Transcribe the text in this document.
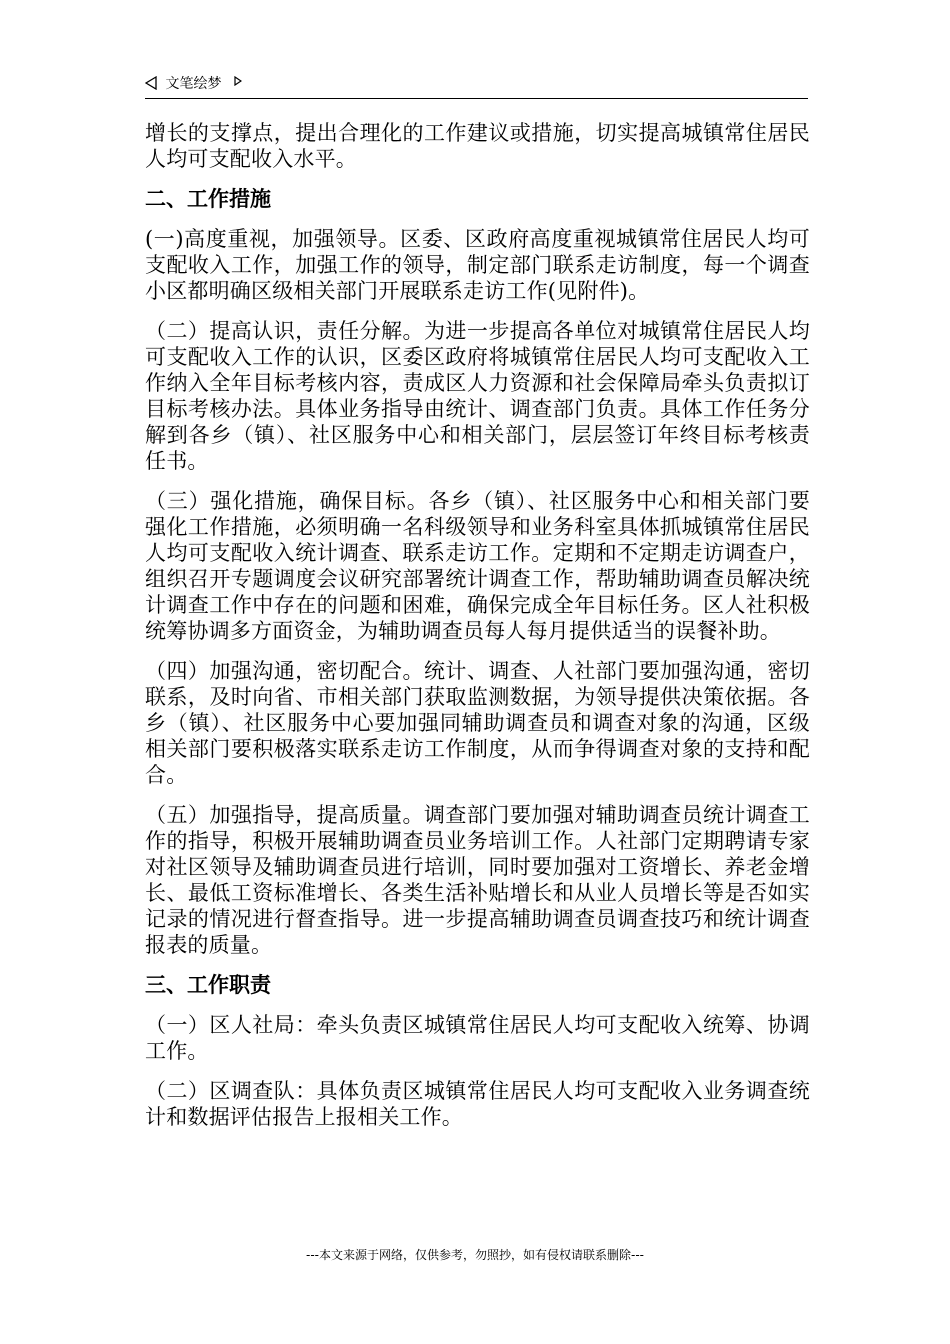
文笔绘梦

增长的支撑点，提出合理化的工作建议或措施，切实提高城镇常住居民人均可支配收入水平。

二、工作措施

(一)高度重视，加强领导。区委、区政府高度重视城镇常住居民人均可支配收入工作，加强工作的领导，制定部门联系走访制度，每一个调查小区都明确区级相关部门开展联系走访工作(见附件)。

（二）提高认识，责任分解。为进一步提高各单位对城镇常住居民人均可支配收入工作的认识，区委区政府将城镇常住居民人均可支配收入工作纳入全年目标考核内容，责成区人力资源和社会保障局牵头负责拟订目标考核办法。具体业务指导由统计、调查部门负责。具体工作任务分解到各乡（镇）、社区服务中心和相关部门，层层签订年终目标考核责任书。

（三）强化措施，确保目标。各乡（镇）、社区服务中心和相关部门要强化工作措施，必须明确一名科级领导和业务科室具体抓城镇常住居民人均可支配收入统计调查、联系走访工作。定期和不定期走访调查户，组织召开专题调度会议研究部署统计调查工作，帮助辅助调查员解决统计调查工作中存在的问题和困难，确保完成全年目标任务。区人社积极统筹协调多方面资金，为辅助调查员每人每月提供适当的误餐补助。

（四）加强沟通，密切配合。统计、调查、人社部门要加强沟通，密切联系，及时向省、市相关部门获取监测数据，为领导提供决策依据。各乡（镇）、社区服务中心要加强同辅助调查员和调查对象的沟通，区级相关部门要积极落实联系走访工作制度，从而争得调查对象的支持和配合。

（五）加强指导，提高质量。调查部门要加强对辅助调查员统计调查工作的指导，积极开展辅助调查员业务培训工作。人社部门定期聘请专家对社区领导及辅助调查员进行培训，同时要加强对工资增长、养老金增长、最低工资标准增长、各类生活补贴增长和从业人员增长等是否如实记录的情况进行督查指导。进一步提高辅助调查员调查技巧和统计调查报表的质量。

三、工作职责

（一）区人社局：牵头负责区城镇常住居民人均可支配收入统筹、协调工作。

（二）区调查队：具体负责区城镇常住居民人均可支配收入业务调查统计和数据评估报告上报相关工作。

---本文来源于网络，仅供参考，勿照抄，如有侵权请联系删除---
